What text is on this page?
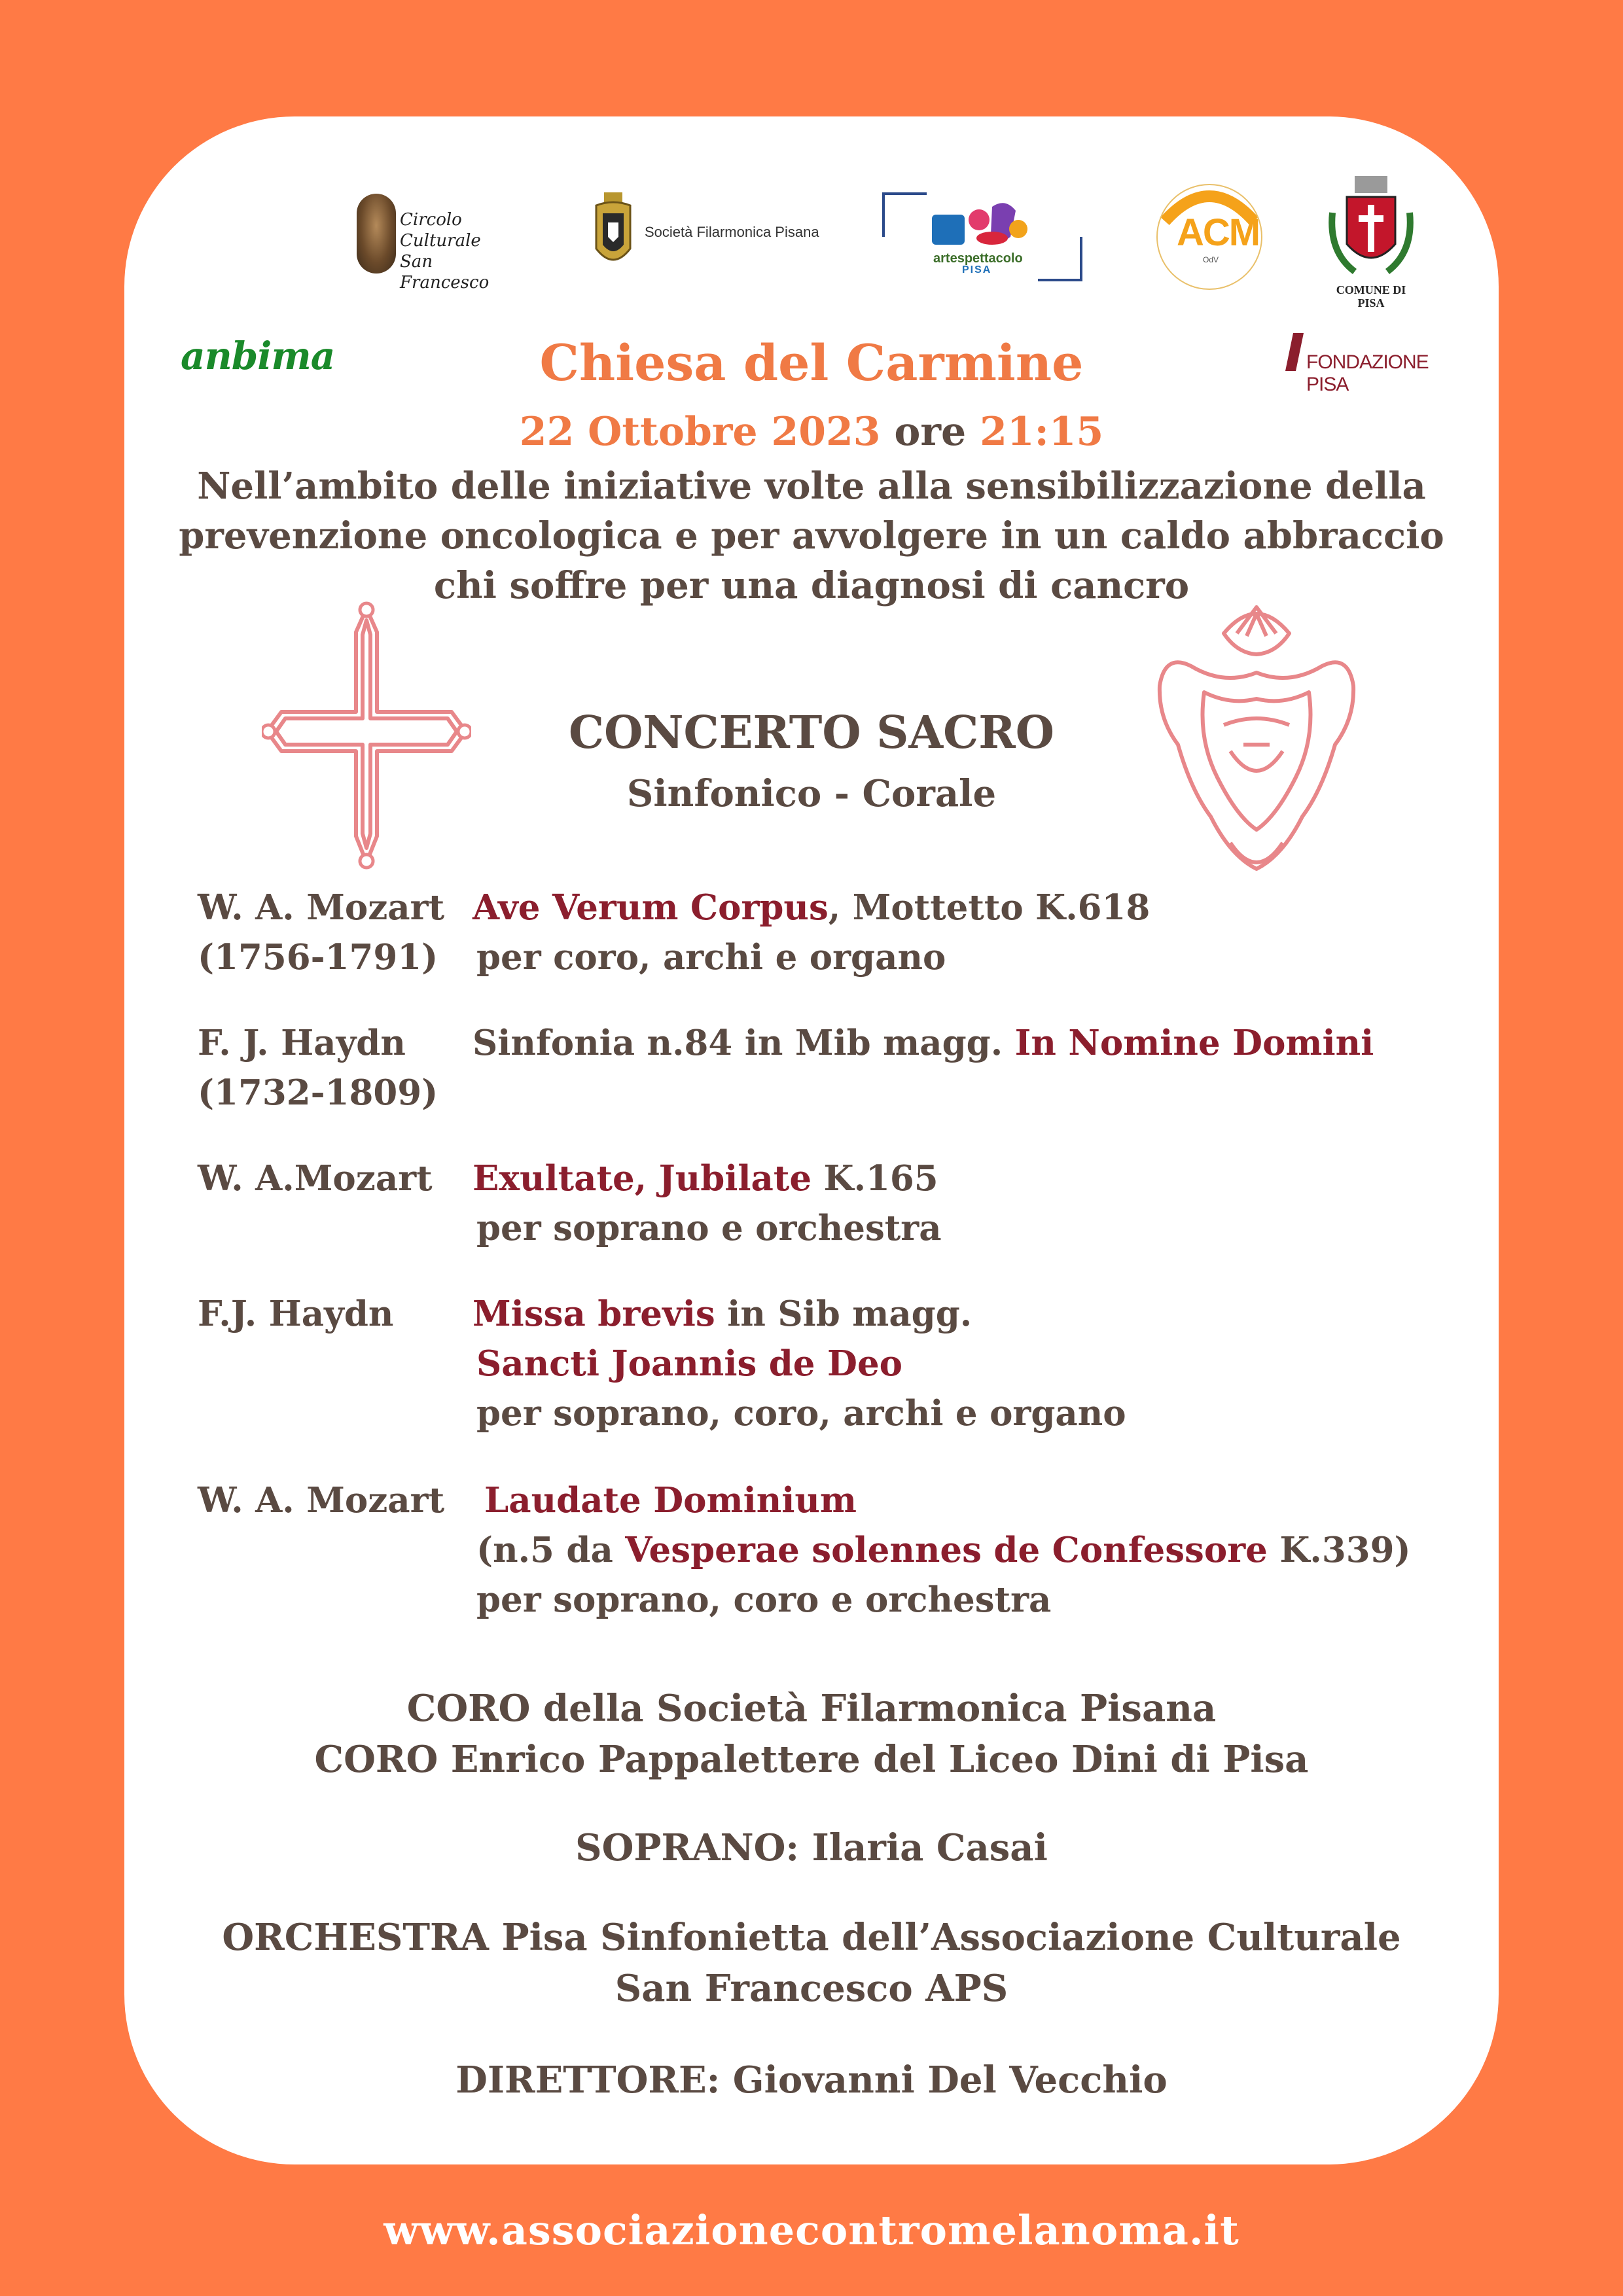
Circolo Culturale
San Francesco
Società Filarmonica Pisana
artespettacolo
PISA
ACM
OdV
COMUNE DI
PISA
anbima	FONDAZIONE PISA
Chiesa del Carmine
22 Ottobre 2023 ore 21:15
Nell’ambito delle iniziative volte alla sensibilizzazione della
prevenzione oncologica e per avvolgere in un caldo abbraccio
chi soffre per una diagnosi di cancro
CONCERTO SACRO
Sinfonico - Corale
W. A. Mozart
(1756-1791)
Ave Verum Corpus, Mottetto K.618
per coro, archi e organo
F. J. Haydn
(1732-1809)
Sinfonia n.84 in Mib magg. In Nomine Domini
W. A.Mozart Exultate, Jubilate K.165
per soprano e orchestra
F.J. Haydn Missa brevis in Sib magg.
Sancti Joannis de Deo
per soprano, coro, archi e organo
W. A. Mozart	Laudate Dominium
(n.5 da Vesperae solennes de Confessore K.339)
per soprano, coro e orchestra
CORO della Società Filarmonica Pisana
CORO Enrico Pappalettere del Liceo Dini di Pisa
SOPRANO: Ilaria Casai
ORCHESTRA Pisa Sinfonietta dell’Associazione Culturale
San Francesco APS
DIRETTORE: Giovanni Del Vecchio
www.associazionecontromelanoma.it
